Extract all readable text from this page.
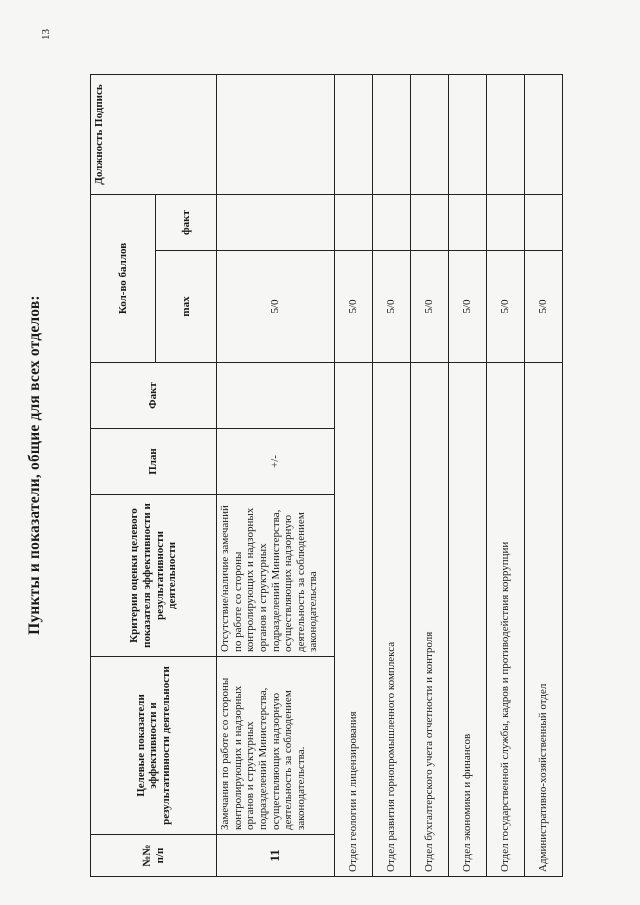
13
Пункты и показатели, общие для всех отделов:
№№ п/п	Целевые показатели эффективности и результативности деятельности	Критерии оценки целевого показателя эффективности и результативности деятельности	План	Факт	Кол-во баллов		Должность Подпись
					max	факт	
11	Замечания по работе со стороны контролирующих и надзорных органов и структурных подразделений Министерства, осуществляющих надзорную деятельность за соблюдением законодательства.	Отсутствие/наличие замечаний по работе со стороны контролирующих и надзорных органов и структурных подразделений Министерства, осуществляющих надзорную деятельность за соблюдением законодательства	+/-		5/0		
Отдел геологии и лицензирования					5/0		
Отдел развития горнопромышленного комплекса					5/0		
Отдел бухгалтерского учета отчетности и контроля					5/0		
Отдел экономики и финансов					5/0		
Отдел государственной службы, кадров и противодействия коррупции					5/0		
Административно-хозяйственный отдел					5/0		
